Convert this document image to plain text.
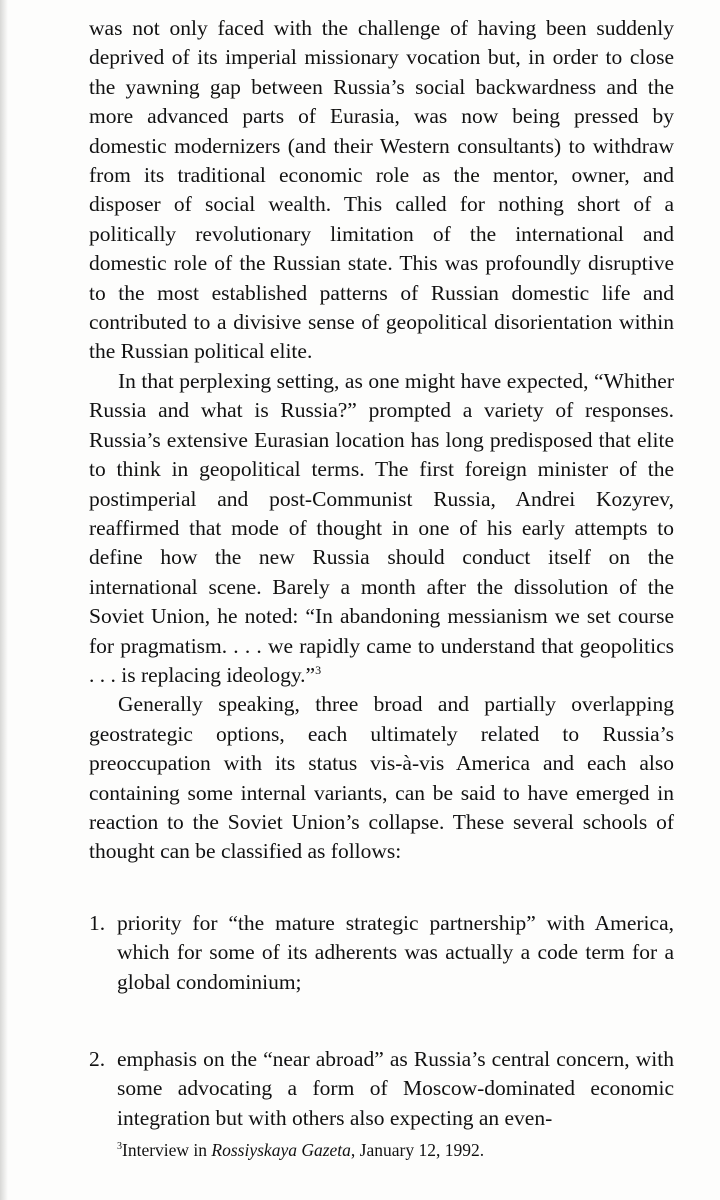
was not only faced with the challenge of having been suddenly deprived of its imperial missionary vocation but, in order to close the yawning gap between Russia’s social backwardness and the more advanced parts of Eurasia, was now being pressed by domestic modernizers (and their Western consultants) to withdraw from its traditional economic role as the mentor, owner, and disposer of social wealth. This called for nothing short of a politically revolutionary limitation of the international and domestic role of the Russian state. This was profoundly disruptive to the most established patterns of Russian domestic life and contributed to a divisive sense of geopolitical disorientation within the Russian political elite.

In that perplexing setting, as one might have expected, “Whither Russia and what is Russia?” prompted a variety of responses. Russia’s extensive Eurasian location has long predisposed that elite to think in geopolitical terms. The first foreign minister of the postimperial and post-Communist Russia, Andrei Kozyrev, reaffirmed that mode of thought in one of his early attempts to define how the new Russia should conduct itself on the international scene. Barely a month after the dissolution of the Soviet Union, he noted: “In abandoning messianism we set course for pragmatism. . . . we rapidly came to understand that geopolitics . . . is replacing ideology.”$^3$

Generally speaking, three broad and partially overlapping geostrategic options, each ultimately related to Russia’s preoccupation with its status vis-à-vis America and each also containing some internal variants, can be said to have emerged in reaction to the Soviet Union’s collapse. These several schools of thought can be classified as follows:

1. priority for “the mature strategic partnership” with America, which for some of its adherents was actually a code term for a global condominium;
2. emphasis on the “near abroad” as Russia’s central concern, with some advocating a form of Moscow-dominated economic integration but with others also expecting an even-
$^3$Interview in Rossiyskaya Gazeta, January 12, 1992.
